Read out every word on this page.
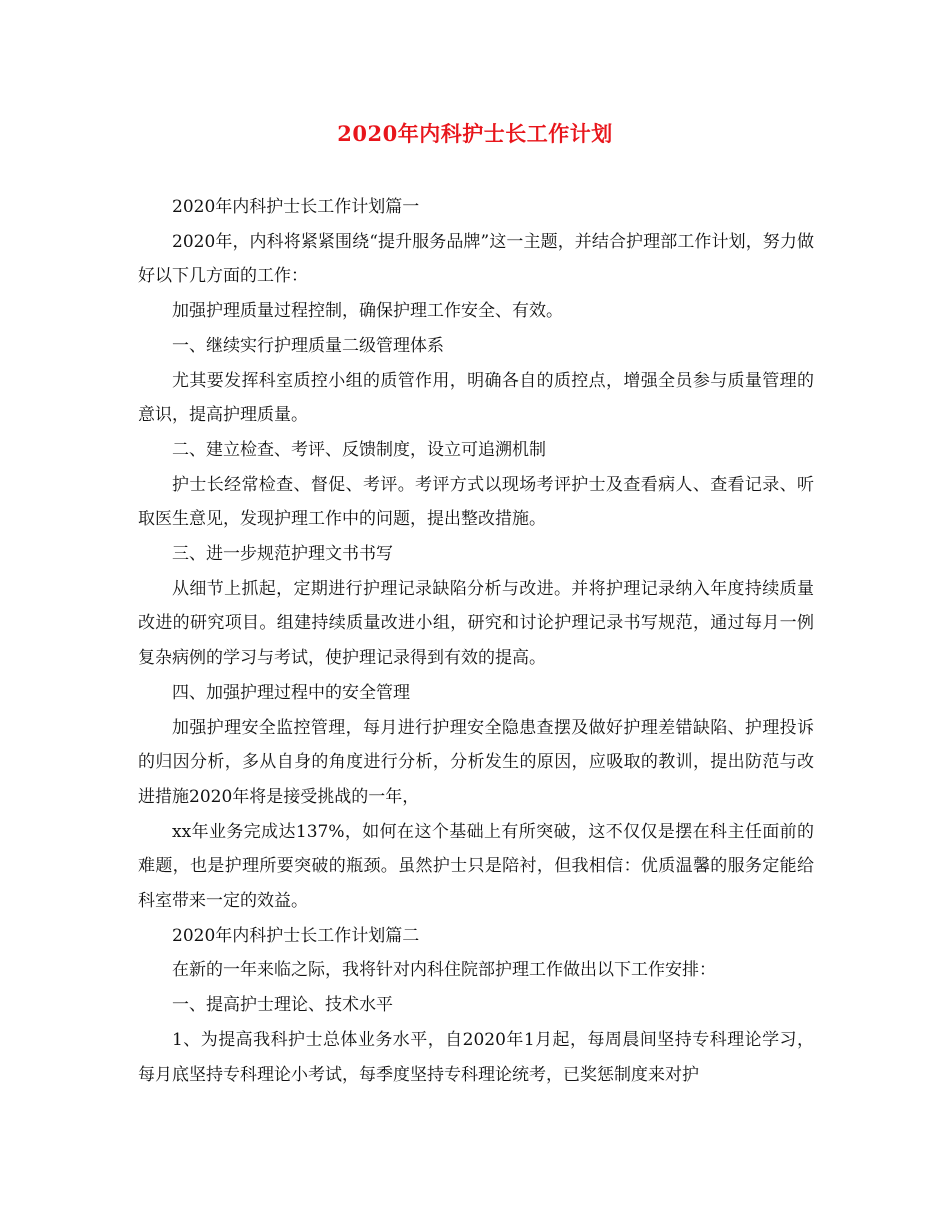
2020年内科护士长工作计划

2020年内科护士长工作计划篇一

2020年，内科将紧紧围绕“提升服务品牌”这一主题，并结合护理部工作计划，努力做好以下几方面的工作：

加强护理质量过程控制，确保护理工作安全、有效。

一、继续实行护理质量二级管理体系

尤其要发挥科室质控小组的质管作用，明确各自的质控点，增强全员参与质量管理的意识，提高护理质量。

二、建立检查、考评、反馈制度，设立可追溯机制

护士长经常检查、督促、考评。考评方式以现场考评护士及查看病人、查看记录、听取医生意见，发现护理工作中的问题，提出整改措施。

三、进一步规范护理文书书写

从细节上抓起，定期进行护理记录缺陷分析与改进。并将护理记录纳入年度持续质量改进的研究项目。组建持续质量改进小组，研究和讨论护理记录书写规范，通过每月一例复杂病例的学习与考试，使护理记录得到有效的提高。

四、加强护理过程中的安全管理

加强护理安全监控管理，每月进行护理安全隐患查摆及做好护理差错缺陷、护理投诉的归因分析，多从自身的角度进行分析，分析发生的原因，应吸取的教训，提出防范与改进措施2020年将是接受挑战的一年，

xx年业务完成达137%，如何在这个基础上有所突破，这不仅仅是摆在科主任面前的难题，也是护理所要突破的瓶颈。虽然护士只是陪衬，但我相信：优质温馨的服务定能给科室带来一定的效益。

2020年内科护士长工作计划篇二

在新的一年来临之际，我将针对内科住院部护理工作做出以下工作安排：

一、提高护士理论、技术水平

1、为提高我科护士总体业务水平，自2020年1月起，每周晨间坚持专科理论学习，每月底坚持专科理论小考试，每季度坚持专科理论统考，已奖惩制度来对护
